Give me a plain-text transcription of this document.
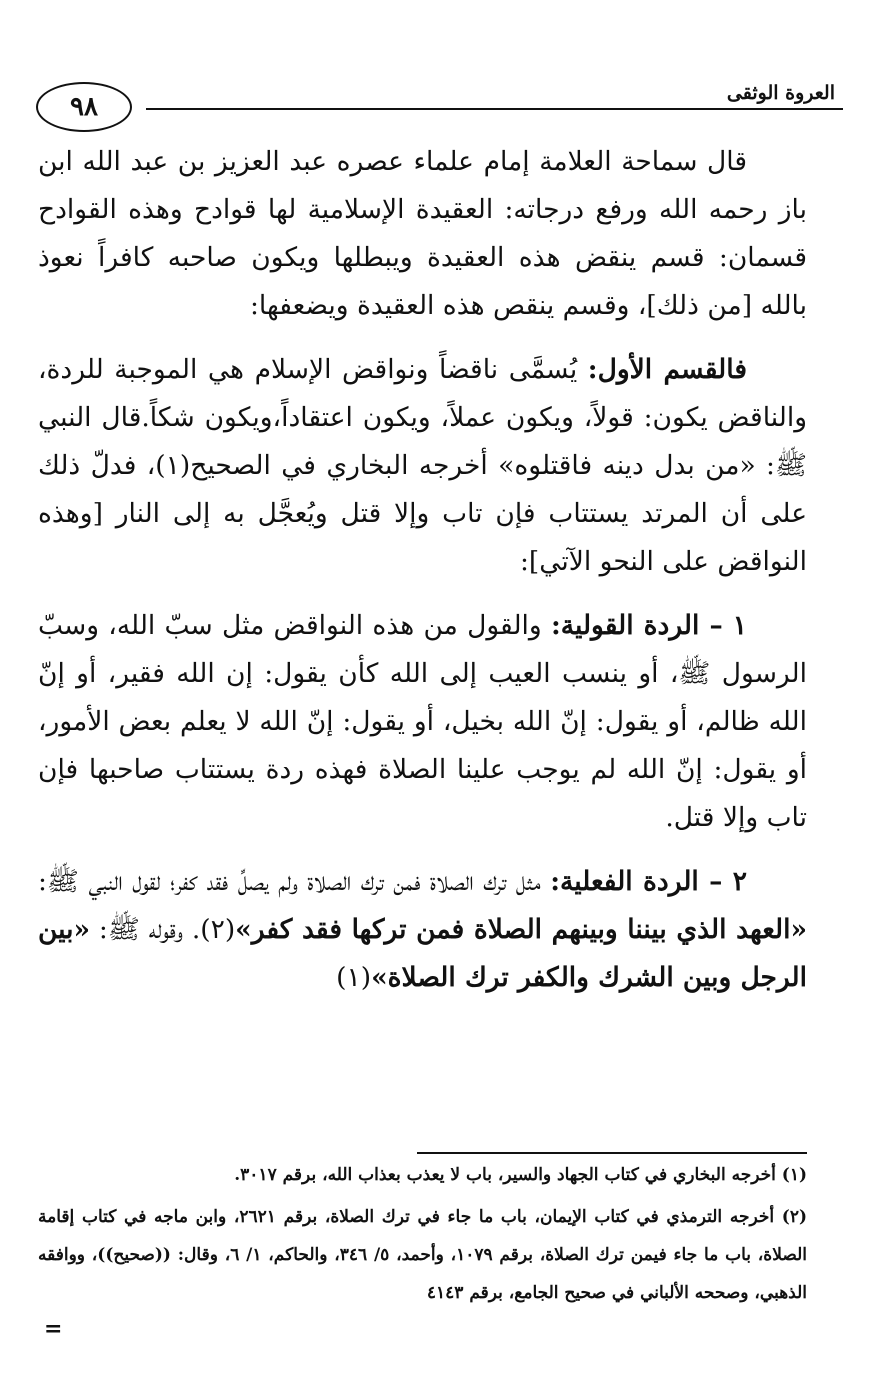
العروة الوثقى
٩٨

قال سماحة العلامة إمام علماء عصره عبد العزيز بن عبد الله ابن باز رحمه الله ورفع درجاته: العقيدة الإسلامية لها قوادح وهذه القوادح قسمان: قسم ينقض هذه العقيدة ويبطلها ويكون صاحبه كافراً نعوذ بالله [من ذلك]، وقسم ينقص هذه العقيدة ويضعفها:

فالقسم الأول: يُسمَّى ناقضاً ونواقض الإسلام هي الموجبة للردة، والناقض يكون: قولاً، ويكون عملاً، ويكون اعتقاداً،ويكون شكاً.قال النبي ﷺ: «من بدل دينه فاقتلوه» أخرجه البخاري في الصحيح(١)، فدلّ ذلك على أن المرتد يستتاب فإن تاب وإلا قتل ويُعجَّل به إلى النار [وهذه النواقض على النحو الآتي]:

١ – الردة القولية: والقول من هذه النواقض مثل سبّ الله، وسبّ الرسول ﷺ، أو ينسب العيب إلى الله كأن يقول: إن الله فقير، أو إنّ الله ظالم، أو يقول: إنّ الله بخيل، أو يقول: إنّ الله لا يعلم بعض الأمور، أو يقول: إنّ الله لم يوجب علينا الصلاة فهذه ردة يستتاب صاحبها فإن تاب وإلا قتل.

٢ – الردة الفعلية: مثل ترك الصلاة فمن ترك الصلاة ولم يصلِّ فقد كفر؛ لقول النبي ﷺ: «العهد الذي بيننا وبينهم الصلاة فمن تركها فقد كفر»(٢). وقوله ﷺ: «بين الرجل وبين الشرك والكفر ترك الصلاة»(١)

(١) أخرجه البخاري في كتاب الجهاد والسير، باب لا يعذب بعذاب الله، برقم ٣٠١٧.

(٢) أخرجه الترمذي في كتاب الإيمان، باب ما جاء في ترك الصلاة، برقم ٢٦٢١، وابن ماجه في كتاب إقامة الصلاة، باب ما جاء فيمن ترك الصلاة، برقم ١٠٧٩، وأحمد، ٥/ ٣٤٦، والحاكم، ١/ ٦، وقال: ((صحيح))، ووافقه الذهبي، وصححه الألباني في صحيح الجامع، برقم ٤١٤٣

=
